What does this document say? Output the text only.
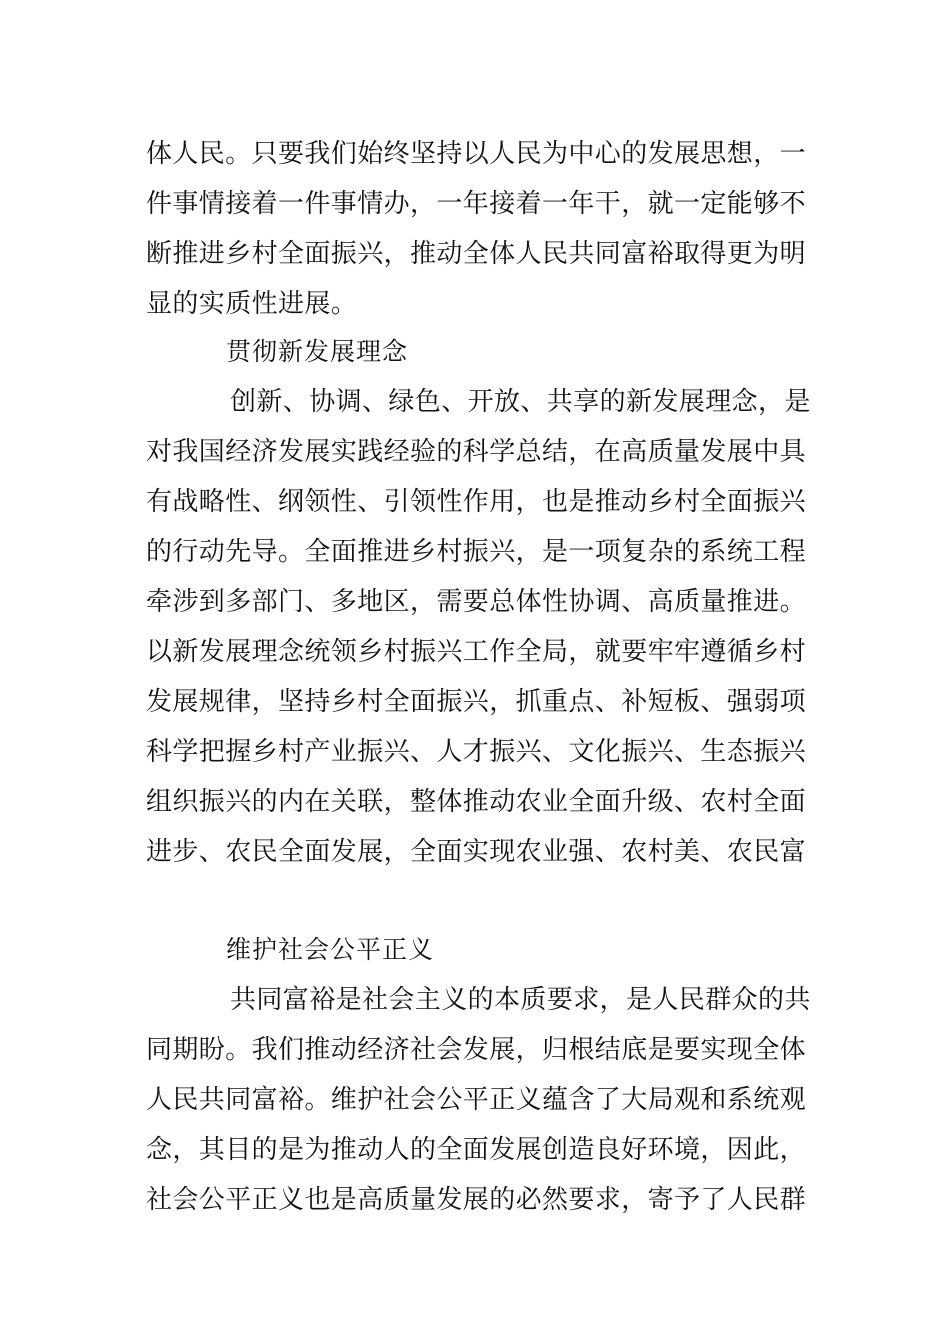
体人民。只要我们始终坚持以人民为中心的发展思想，一
件事情接着一件事情办，一年接着一年干，就一定能够不
断推进乡村全面振兴，推动全体人民共同富裕取得更为明
显的实质性进展。
贯彻新发展理念
创新、协调、绿色、开放、共享的新发展理念，是
对我国经济发展实践经验的科学总结，在高质量发展中具
有战略性、纲领性、引领性作用，也是推动乡村全面振兴
的行动先导。全面推进乡村振兴，是一项复杂的系统工程
牵涉到多部门、多地区，需要总体性协调、高质量推进。
以新发展理念统领乡村振兴工作全局，就要牢牢遵循乡村
发展规律，坚持乡村全面振兴，抓重点、补短板、强弱项
科学把握乡村产业振兴、人才振兴、文化振兴、生态振兴
组织振兴的内在关联，整体推动农业全面升级、农村全面
进步、农民全面发展，全面实现农业强、农村美、农民富
维护社会公平正义
共同富裕是社会主义的本质要求，是人民群众的共
同期盼。我们推动经济社会发展，归根结底是要实现全体
人民共同富裕。维护社会公平正义蕴含了大局观和系统观
念，其目的是为推动人的全面发展创造良好环境，因此，
社会公平正义也是高质量发展的必然要求，寄予了人民群
